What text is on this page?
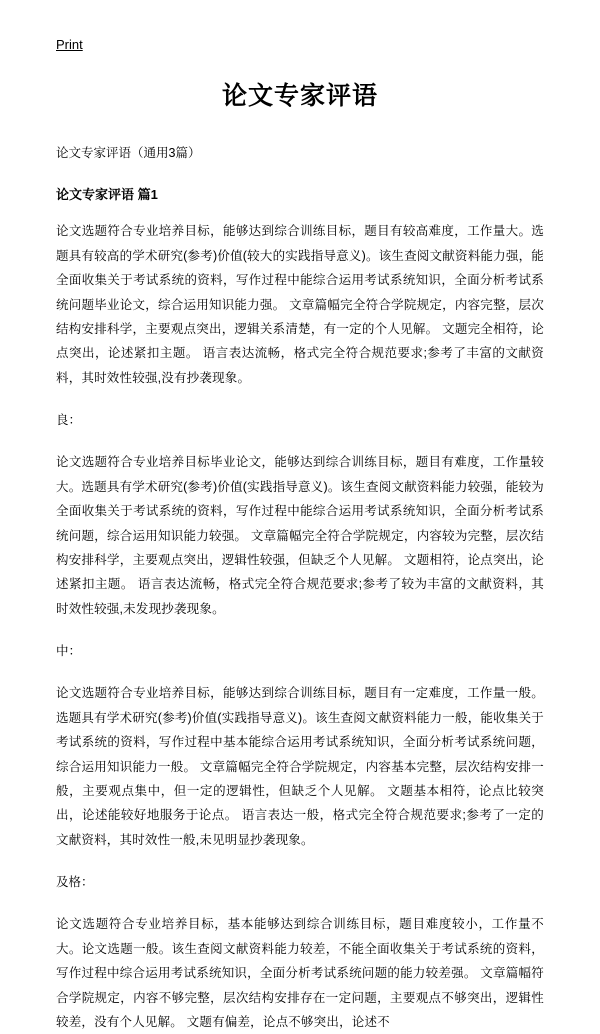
Print
论文专家评语

论文专家评语（通用3篇）

论文专家评语 篇1

论文选题符合专业培养目标，能够达到综合训练目标，题目有较高难度，工作量大。选题具有较高的学术研究(参考)价值(较大的实践指导意义)。该生查阅文献资料能力强，能全面收集关于考试系统的资料，写作过程中能综合运用考试系统知识，全面分析考试系统问题毕业论文，综合运用知识能力强。 文章篇幅完全符合学院规定，内容完整，层次结构安排科学，主要观点突出，逻辑关系清楚，有一定的个人见解。 文题完全相符，论点突出，论述紧扣主题。 语言表达流畅，格式完全符合规范要求;参考了丰富的文献资料，其时效性较强,没有抄袭现象。

良：

论文选题符合专业培养目标毕业论文，能够达到综合训练目标，题目有难度，工作量较大。选题具有学术研究(参考)价值(实践指导意义)。该生查阅文献资料能力较强，能较为全面收集关于考试系统的资料，写作过程中能综合运用考试系统知识，全面分析考试系统问题，综合运用知识能力较强。 文章篇幅完全符合学院规定，内容较为完整，层次结构安排科学，主要观点突出，逻辑性较强，但缺乏个人见解。 文题相符，论点突出，论述紧扣主题。 语言表达流畅，格式完全符合规范要求;参考了较为丰富的文献资料，其时效性较强,未发现抄袭现象。

中：

论文选题符合专业培养目标，能够达到综合训练目标，题目有一定难度，工作量一般。选题具有学术研究(参考)价值(实践指导意义)。该生查阅文献资料能力一般，能收集关于考试系统的资料，写作过程中基本能综合运用考试系统知识，全面分析考试系统问题，综合运用知识能力一般。 文章篇幅完全符合学院规定，内容基本完整，层次结构安排一般，主要观点集中，但一定的逻辑性，但缺乏个人见解。 文题基本相符，论点比较突出，论述能较好地服务于论点。 语言表达一般，格式完全符合规范要求;参考了一定的文献资料，其时效性一般,未见明显抄袭现象。

及格：

论文选题符合专业培养目标，基本能够达到综合训练目标，题目难度较小，工作量不大。论文选题一般。该生查阅文献资料能力较差，不能全面收集关于考试系统的资料，写作过程中综合运用考试系统知识，全面分析考试系统问题的能力较差强。 文章篇幅符合学院规定，内容不够完整，层次结构安排存在一定问题，主要观点不够突出，逻辑性较差，没有个人见解。 文题有偏差，论点不够突出，论述不
